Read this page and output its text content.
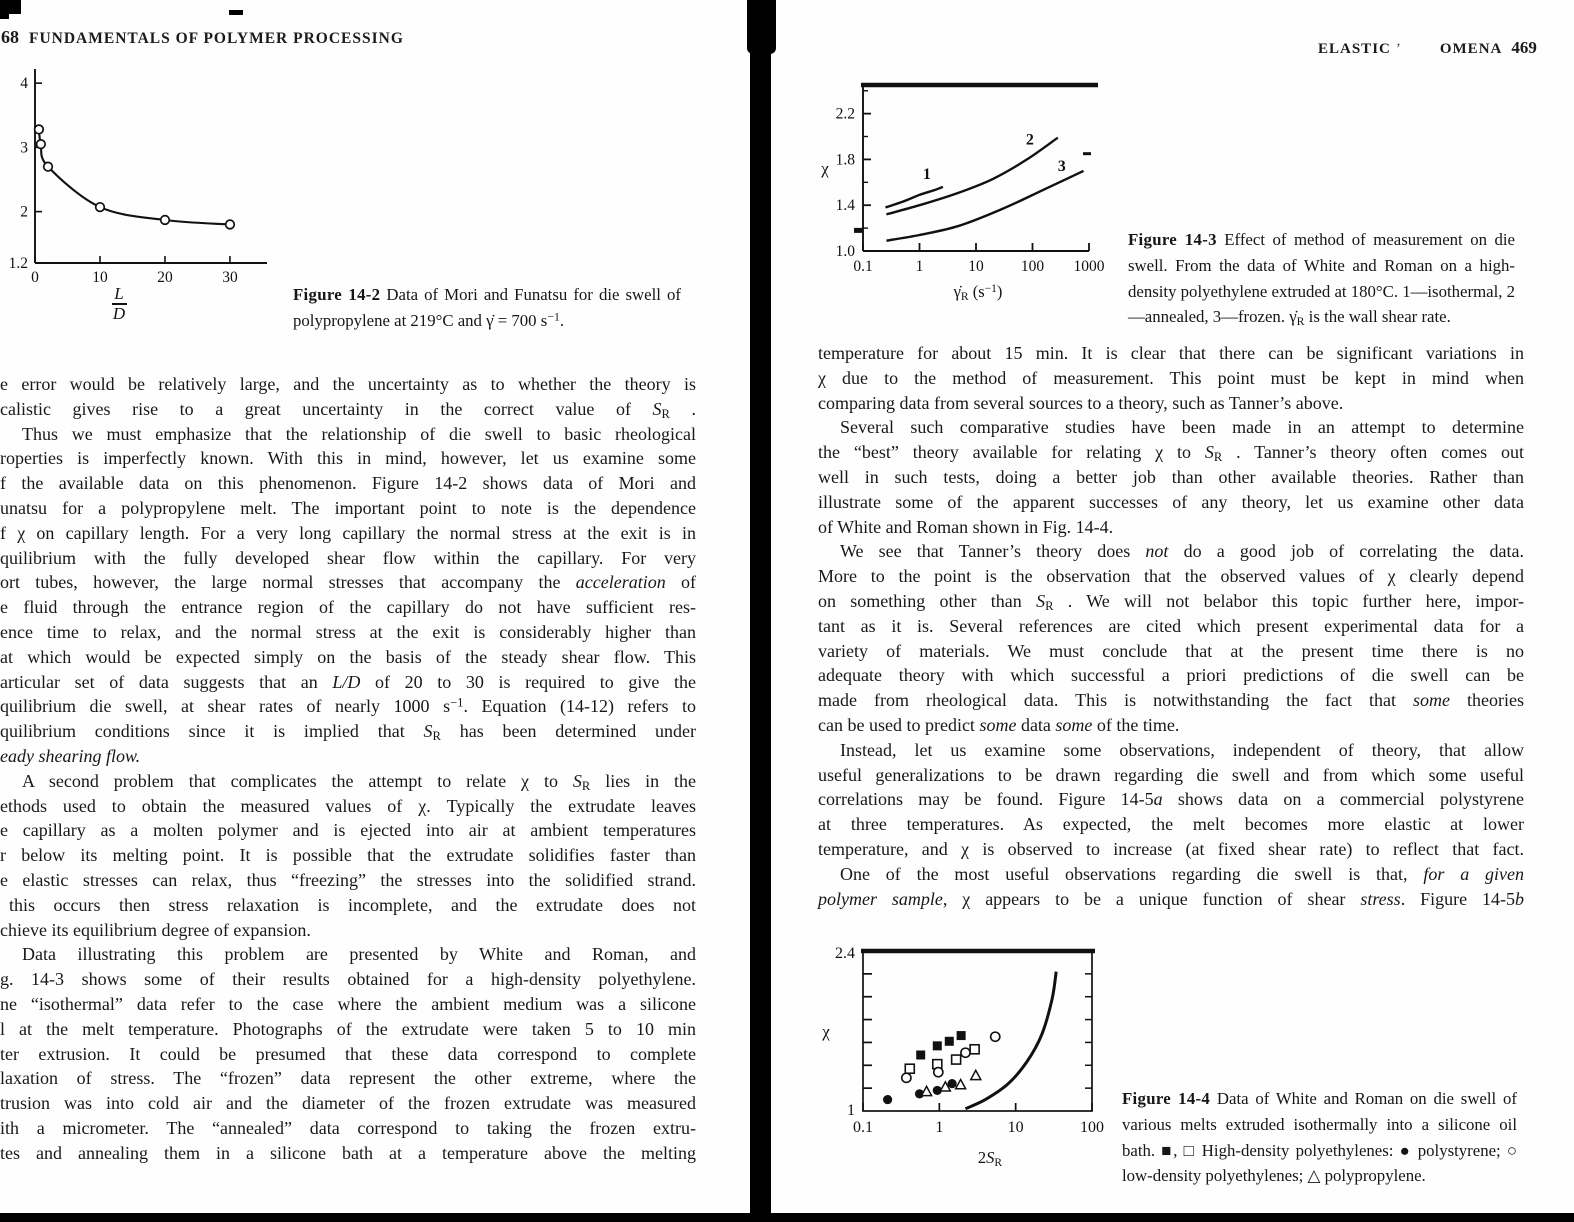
68 FUNDAMENTALS OF POLYMER PROCESSING
ELASTIC ’	OMENA 469
1.2
2
3
4
0	10	20	30
L
D
Figure 14-2 Data of Mori and Funatsu for die swell of polypropylene at 219°C and γ̇ = 700 $s^{-1}$.
1.0
1.4
1.8
2.2
0.1	1	10 100 1000
χ	1
2
3
$\gammȧ_R$ $(s^{-1})$
Figure 14-3 Effect of method of measurement on die swell. From the data of White and Roman on a high-density polyethylene extruded at 180°C. 1—isothermal, 2—annealed, 3—frozen. $\gammȧ_R$ is the wall shear rate.
1
2.4
0.1	1	10	100
χ
$2S_R$
Figure 14-4 Data of White and Roman on die swell of various melts extruded isothermally into a silicone oil bath. ■, □ High-density polyethylenes: ● polystyrene; ○ low-density polyethylenes; △ polypropylene.
e error would be relatively large, and the uncertainty as to whether the theory is
calistic gives rise to a great uncertainty in the correct value of $S_R$ .
Thus we must emphasize that the relationship of die swell to basic rheological
roperties is imperfectly known. With this in mind, however, let us examine some
f the available data on this phenomenon. Figure 14-2 shows data of Mori and
unatsu for a polypropylene melt. The important point to note is the dependence
f χ on capillary length. For a very long capillary the normal stress at the exit is in
quilibrium with the fully developed shear flow within the capillary. For very
ort tubes, however, the large normal stresses that accompany the acceleration of
e fluid through the entrance region of the capillary do not have sufficient res-
ence time to relax, and the normal stress at the exit is considerably higher than
at which would be expected simply on the basis of the steady shear flow. This
articular set of data suggests that an L/D of 20 to 30 is required to give the
quilibrium die swell, at shear rates of nearly 1000 $s^{-1}$. Equation (14-12) refers to
quilibrium conditions since it is implied that $S_R$ has been determined under
eady shearing flow.
A second problem that complicates the attempt to relate χ to $S_R$ lies in the
ethods used to obtain the measured values of χ. Typically the extrudate leaves
e capillary as a molten polymer and is ejected into air at ambient temperatures
r below its melting point. It is possible that the extrudate solidifies faster than
e elastic stresses can relax, thus “freezing” the stresses into the solidified strand.
this occurs then stress relaxation is incomplete, and the extrudate does not
chieve its equilibrium degree of expansion.
Data illustrating this problem are presented by White and Roman, and
g. 14-3 shows some of their results obtained for a high-density polyethylene.
ne “isothermal” data refer to the case where the ambient medium was a silicone
l at the melt temperature. Photographs of the extrudate were taken 5 to 10 min
ter extrusion. It could be presumed that these data correspond to complete
laxation of stress. The “frozen” data represent the other extreme, where the
trusion was into cold air and the diameter of the frozen extrudate was measured
ith a micrometer. The “annealed” data correspond to taking the frozen extru-
tes and annealing them in a silicone bath at a temperature above the melting
temperature for about 15 min. It is clear that there can be significant variations in
χ due to the method of measurement. This point must be kept in mind when
comparing data from several sources to a theory, such as Tanner’s above.
Several such comparative studies have been made in an attempt to determine
the “best” theory available for relating χ to $S_R$ . Tanner’s theory often comes out
well in such tests, doing a better job than other available theories. Rather than
illustrate some of the apparent successes of any theory, let us examine other data
of White and Roman shown in Fig. 14-4.
We see that Tanner’s theory does not do a good job of correlating the data.
More to the point is the observation that the observed values of χ clearly depend
on something other than $S_R$ . We will not belabor this topic further here, impor-
tant as it is. Several references are cited which present experimental data for a
variety of materials. We must conclude that at the present time there is no
adequate theory with which successful a priori predictions of die swell can be
made from rheological data. This is notwithstanding the fact that some theories
can be used to predict some data some of the time.
Instead, let us examine some observations, independent of theory, that allow
useful generalizations to be drawn regarding die swell and from which some useful
correlations may be found. Figure 14-5a shows data on a commercial polystyrene
at three temperatures. As expected, the melt becomes more elastic at lower
temperature, and χ is observed to increase (at fixed shear rate) to reflect that fact.
One of the most useful observations regarding die swell is that, for a given
polymer sample, χ appears to be a unique function of shear stress. Figure 14-5b
